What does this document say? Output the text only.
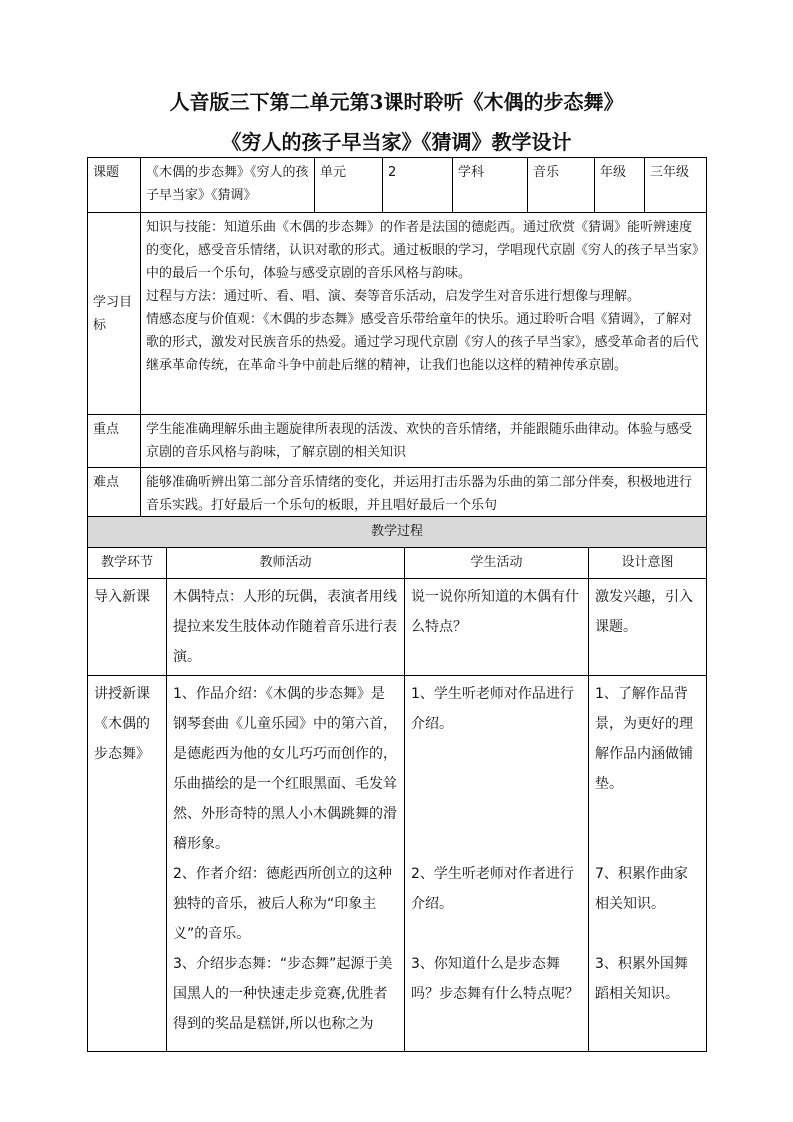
人音版三下第二单元第3课时聆听《木偶的步态舞》
《穷人的孩子早当家》《猜调》教学设计
课题	《木偶的步态舞》《穷人的孩子早当家》《猜调》	单元	2	学科	音乐	年级	三年级
学习目标	知识与技能：知道乐曲《木偶的步态舞》的作者是法国的德彪西。通过欣赏《猜调》能听辨速度的变化，感受音乐情绪，认识对歌的形式。通过板眼的学习，学唱现代京剧《穷人的孩子早当家》中的最后一个乐句，体验与感受京剧的音乐风格与韵味。
过程与方法：通过听、看、唱、演、奏等音乐活动，启发学生对音乐进行想像与理解。
情感态度与价值观：《木偶的步态舞》感受音乐带给童年的快乐。通过聆听合唱《猜调》，了解对歌的形式，激发对民族音乐的热爱。通过学习现代京剧《穷人的孩子早当家》，感受革命者的后代继承革命传统，在革命斗争中前赴后继的精神，让我们也能以这样的精神传承京剧。						

重点	学生能准确理解乐曲主题旋律所表现的活泼、欢快的音乐情绪，并能跟随乐曲律动。体验与感受京剧的音乐风格与韵味，了解京剧的相关知识						
难点	能够准确听辨出第二部分音乐情绪的变化，并运用打击乐器为乐曲的第二部分伴奏，积极地进行音乐实践。打好最后一个乐句的板眼，并且唱好最后一个乐句						
教学过程			
教学环节	教师活动	学生活动	设计意图
导入新课	木偶特点：人形的玩偶，表演者用线提拉来发生肢体动作随着音乐进行表演。	说一说你所知道的木偶有什么特点？	激发兴趣，引入课题。

讲授新课《木偶的步态舞》	1、作品介绍：《木偶的步态舞》是钢琴套曲《儿童乐园》中的第六首，是德彪西为他的女儿巧巧而创作的，乐曲描绘的是一个红眼黑面、毛发耸然、外形奇特的黑人小木偶跳舞的滑稽形象。
2、作者介绍：德彪西所创立的这种独特的音乐，被后人称为“印象主义”的音乐。
3、介绍步态舞：“步态舞”起源于美国黑人的一种快速走步竞赛,优胜者得到的奖品是糕饼,所以也称之为	1、学生听老师对作品进行介绍。
2、学生听老师对作者进行介绍。
3、你知道什么是步态舞吗？步态舞有什么特点呢？	1、了解作品背景，为更好的理解作品内涵做铺垫。
7、积累作曲家相关知识。
3、积累外国舞蹈相关知识。
